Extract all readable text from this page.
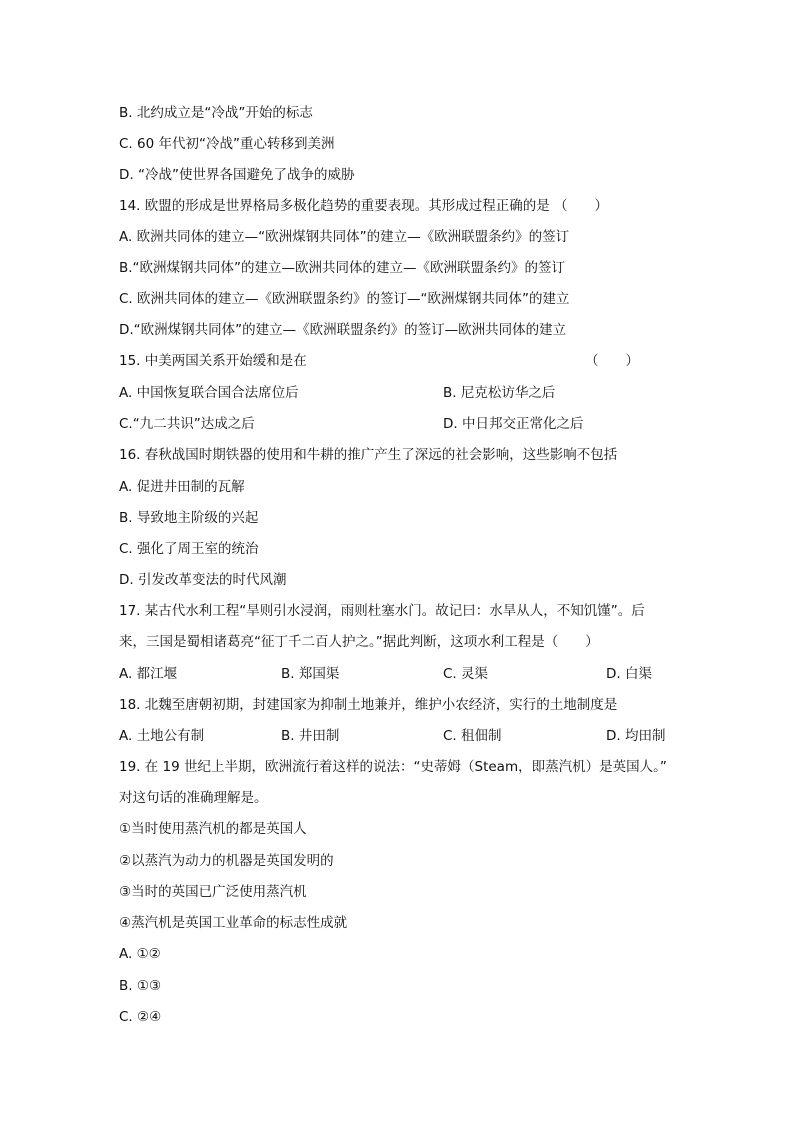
B. 北约成立是“冷战”开始的标志
C. 60 年代初“冷战”重心转移到美洲
D. “冷战”使世界各国避免了战争的威胁
14. 欧盟的形成是世界格局多极化趋势的重要表现。其形成过程正确的是 （　　）
A. 欧洲共同体的建立—“欧洲煤钢共同体”的建立—《欧洲联盟条约》的签订
B.“欧洲煤钢共同体”的建立—欧洲共同体的建立—《欧洲联盟条约》的签订
C. 欧洲共同体的建立—《欧洲联盟条约》的签订—“欧洲煤钢共同体”的建立
D.“欧洲煤钢共同体”的建立—《欧洲联盟条约》的签订—欧洲共同体的建立
15. 中美两国关系开始缓和是在	（　　）
A. 中国恢复联合国合法席位后	B. 尼克松访华之后
C.“九二共识”达成之后	D. 中日邦交正常化之后
16. 春秋战国时期铁器的使用和牛耕的推广产生了深远的社会影响，这些影响不包括
A. 促进井田制的瓦解
B. 导致地主阶级的兴起
C. 强化了周王室的统治
D. 引发改革变法的时代风潮
17. 某古代水利工程“旱则引水浸润，雨则杜塞水门。故记曰：水旱从人，不知饥馑”。后
来，三国是蜀相诸葛亮“征丁千二百人护之。”据此判断，这项水利工程是（　　）
A. 都江堰	B. 郑国渠	C. 灵渠	D. 白渠
18. 北魏至唐朝初期，封建国家为抑制土地兼并，维护小农经济，实行的土地制度是
A. 土地公有制	B. 井田制	C. 租佃制	D. 均田制
19. 在 19 世纪上半期，欧洲流行着这样的说法：“史蒂姆（Steam，即蒸汽机）是英国人。”
对这句话的准确理解是。
①当时使用蒸汽机的都是英国人
②以蒸汽为动力的机器是英国发明的
③当时的英国已广泛使用蒸汽机
④蒸汽机是英国工业革命的标志性成就
A. ①②
B. ①③
C. ②④
